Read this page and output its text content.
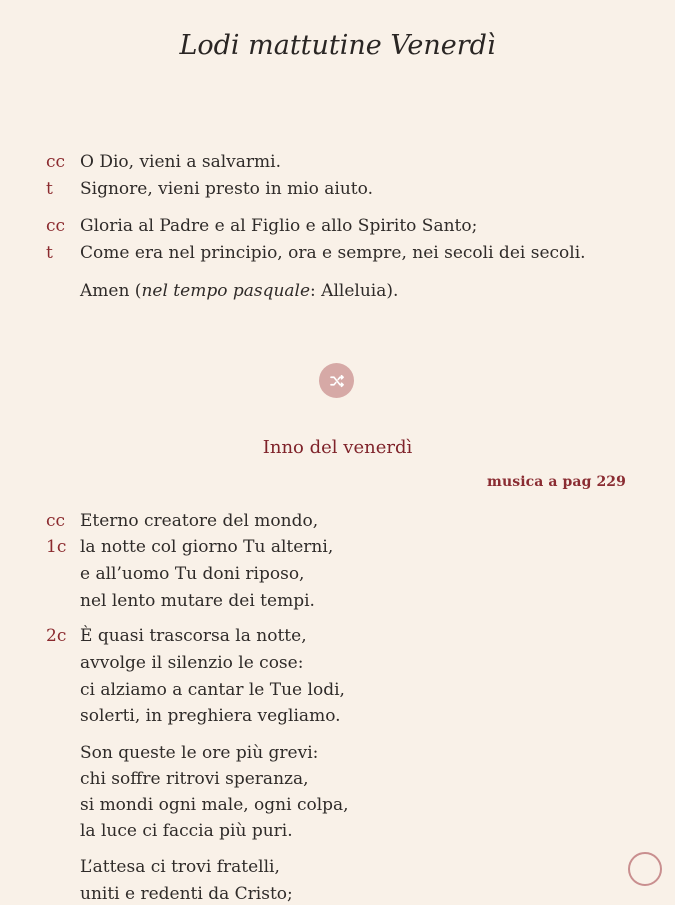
Lodi mattutine Venerdì
cc O Dio, vieni a salvarmi.
t	Signore, vieni presto in mio aiuto.
cc Gloria al Padre e al Figlio e allo Spirito Santo;
t	Come era nel principio, ora e sempre, nei secoli dei secoli.
Amen (nel tempo pasquale: Alleluia).
Inno del venerdì
musica a pag 229
cc Eterno creatore del mondo,
1c la notte col giorno Tu alterni,
e all’uomo Tu doni riposo,
nel lento mutare dei tempi.
2c È quasi trascorsa la notte,
avvolge il silenzio le cose:
ci alziamo a cantar le Tue lodi,
solerti, in preghiera vegliamo.
Son queste le ore più grevi:
chi soffre ritrovi speranza,
si mondi ogni male, ogni colpa,
la luce ci faccia più puri.
L’attesa ci trovi fratelli,
uniti e redenti da Cristo;
